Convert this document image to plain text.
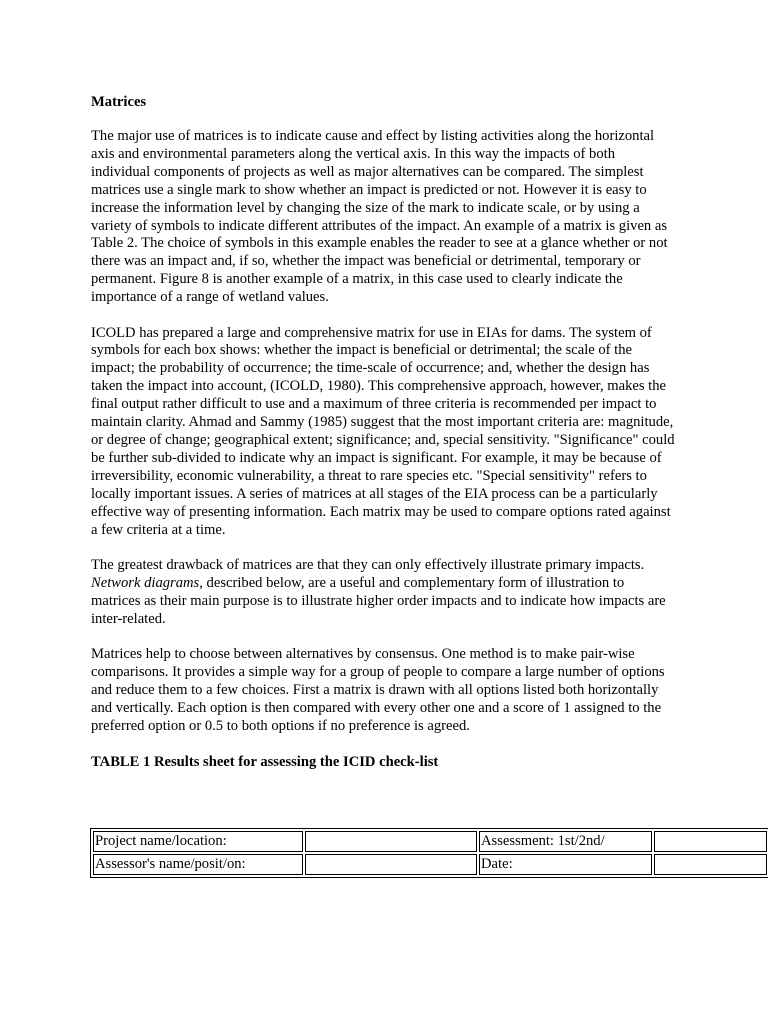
Matrices

The major use of matrices is to indicate cause and effect by listing activities along the horizontal axis and environmental parameters along the vertical axis. In this way the impacts of both individual components of projects as well as major alternatives can be compared. The simplest matrices use a single mark to show whether an impact is predicted or not. However it is easy to increase the information level by changing the size of the mark to indicate scale, or by using a variety of symbols to indicate different attributes of the impact. An example of a matrix is given as Table 2. The choice of symbols in this example enables the reader to see at a glance whether or not there was an impact and, if so, whether the impact was beneficial or detrimental, temporary or permanent. Figure 8 is another example of a matrix, in this case used to clearly indicate the importance of a range of wetland values.

ICOLD has prepared a large and comprehensive matrix for use in EIAs for dams. The system of symbols for each box shows: whether the impact is beneficial or detrimental; the scale of the impact; the probability of occurrence; the time-scale of occurrence; and, whether the design has taken the impact into account, (ICOLD, 1980). This comprehensive approach, however, makes the final output rather difficult to use and a maximum of three criteria is recommended per impact to maintain clarity. Ahmad and Sammy (1985) suggest that the most important criteria are: magnitude, or degree of change; geographical extent; significance; and, special sensitivity. "Significance" could be further sub-divided to indicate why an impact is significant. For example, it may be because of irreversibility, economic vulnerability, a threat to rare species etc. "Special sensitivity" refers to locally important issues. A series of matrices at all stages of the EIA process can be a particularly effective way of presenting information. Each matrix may be used to compare options rated against a few criteria at a time.

The greatest drawback of matrices are that they can only effectively illustrate primary impacts. Network diagrams, described below, are a useful and complementary form of illustration to matrices as their main purpose is to illustrate higher order impacts and to indicate how impacts are inter-related.

Matrices help to choose between alternatives by consensus. One method is to make pair-wise comparisons. It provides a simple way for a group of people to compare a large number of options and reduce them to a few choices. First a matrix is drawn with all options listed both horizontally and vertically. Each option is then compared with every other one and a score of 1 assigned to the preferred option or 0.5 to both options if no preference is agreed.

TABLE 1 Results sheet for assessing the ICID check-list

Project name/location:		Assessment: 1st/2nd/	
Assessor's name/posit/on:		Date:	
